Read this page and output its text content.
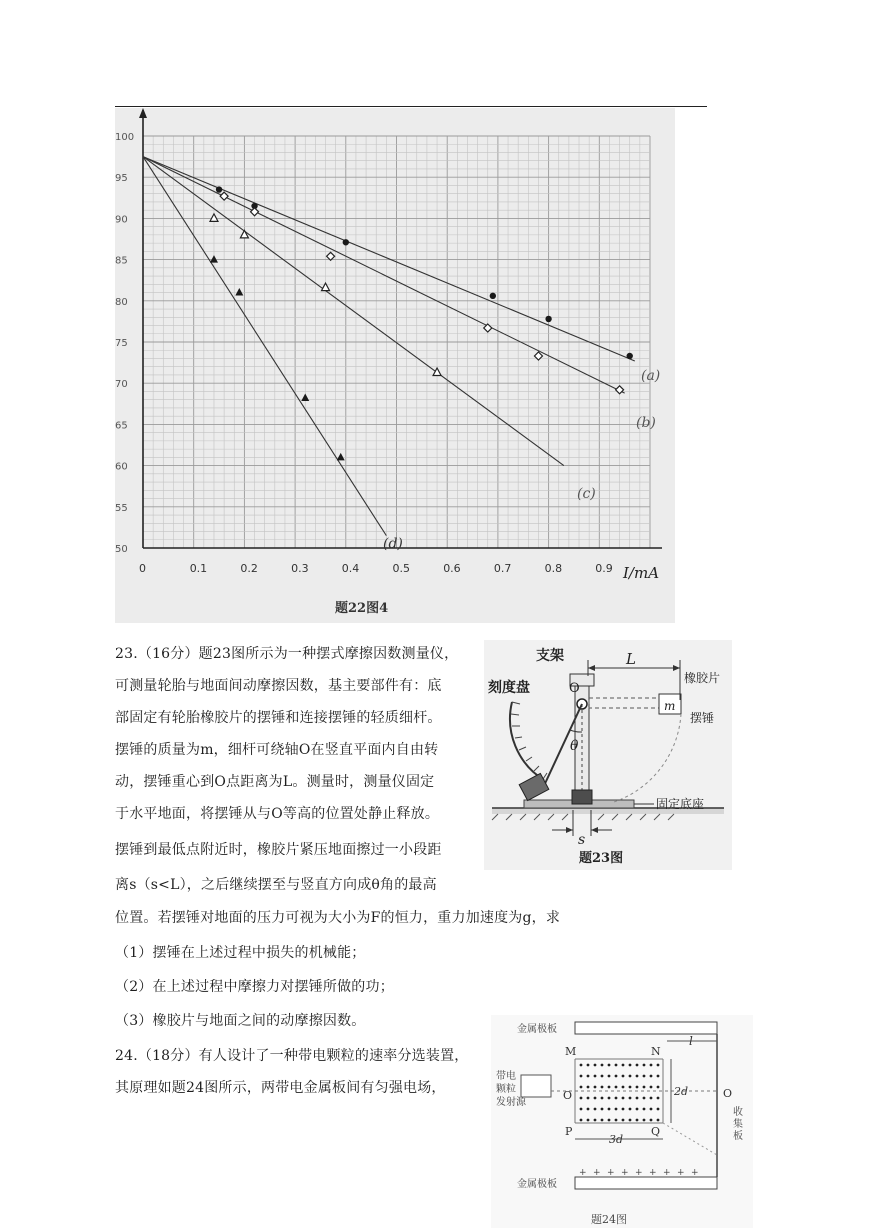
0	0.1	0.2	0.3	0.4	0.5	0.6	0.7	0.8	0.9
100
95
90
85
80
75
70
65
60
55
50
I/mA
(a)
(b)
(c)
(d)
题22图4
23.（16分）题23图所示为一种摆式摩擦因数测量仪，
可测量轮胎与地面间动摩擦因数，基主要部件有：底
部固定有轮胎橡胶片的摆锤和连接摆锤的轻质细杆。
摆锤的质量为m，细杆可绕轴O在竖直平面内自由转
动，摆锤重心到O点距离为L。测量时，测量仪固定
于水平地面，将摆锤从与O等高的位置处静止释放。
摆锤到最低点附近时，橡胶片紧压地面擦过一小段距
离s（s<L），之后继续摆至与竖直方向成θ角的最高
位置。若摆锤对地面的压力可视为大小为F的恒力，重力加速度为g，求
（1）摆锤在上述过程中损失的机械能；
（2）在上述过程中摩擦力对摆锤所做的功；
（3）橡胶片与地面之间的动摩擦因数。
支架
刻度盘	O
L
橡胶片
m
摆锤
θ
固定底座
s
题23图
24.（18分）有人设计了一种带电颗粒的速率分选装置，
其原理如题24图所示，两带电金属板间有匀强电场，
金属极板
金属极板
+ + + + + + + + +
带电
颗粒
发射源
M	N
P	Q
O	O
2d
l
3d
收
集
板
题24图
